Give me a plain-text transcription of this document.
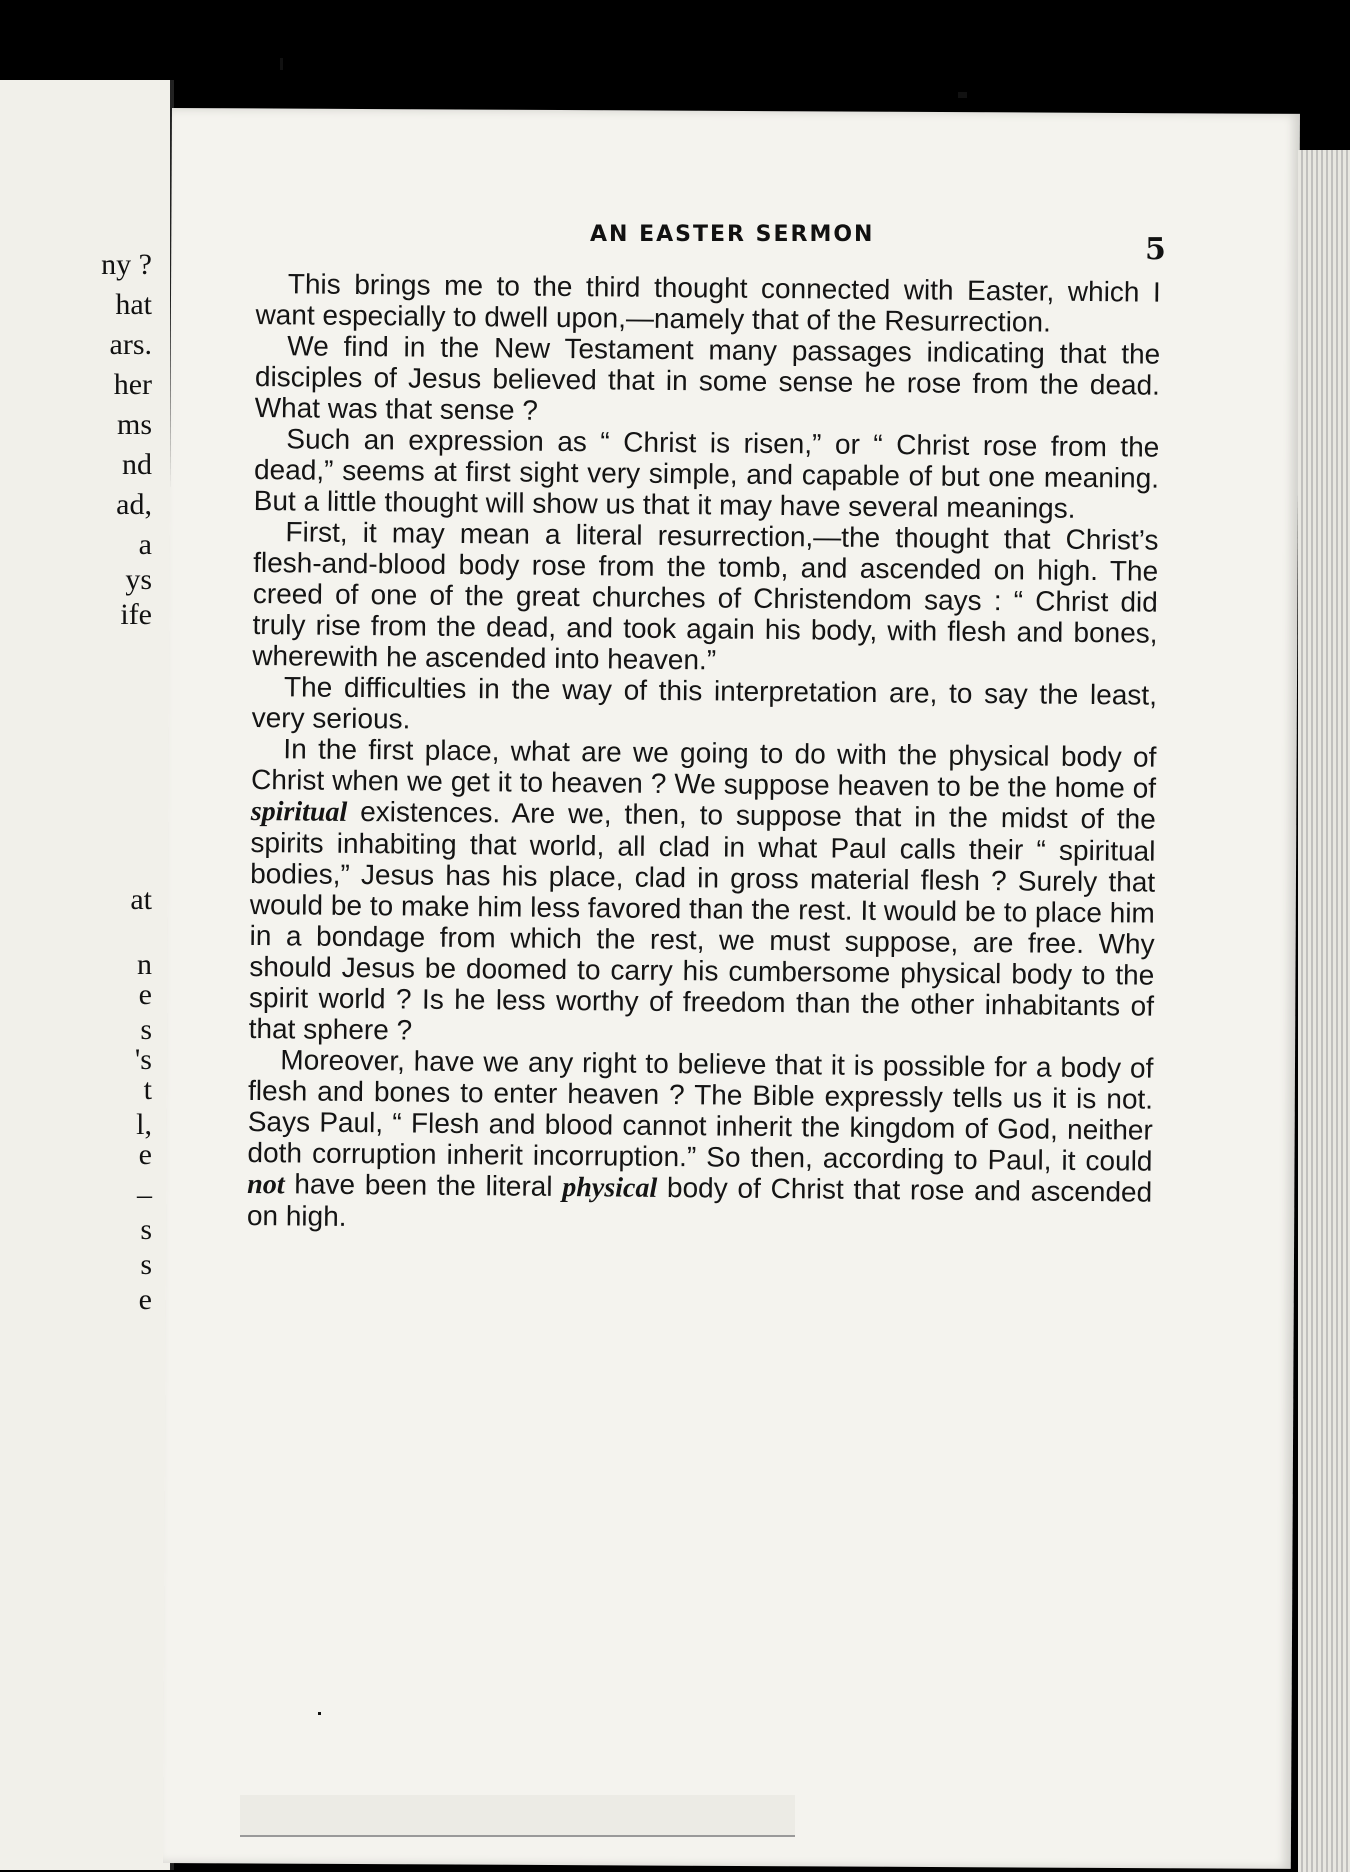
ny ?
hat
ars.
her
ms
nd
ad,
a
ys
ife
at
n
e
s
's
t
l,
e
–
s
s
e
AN EASTER SERMON	5

This brings me to the third thought connected with Easter, which I want especially to dwell upon,—namely that of the Resurrection.

We find in the New Testament many passages indicating that the disciples of Jesus believed that in some sense he rose from the dead. What was that sense ?

Such an expression as “ Christ is risen,” or “ Christ rose from the dead,” seems at first sight very simple, and capable of but one meaning. But a little thought will show us that it may have several meanings.

First, it may mean a literal resurrection,—the thought that Christ’s flesh-and-blood body rose from the tomb, and ascended on high. The creed of one of the great churches of Christendom says : “ Christ did truly rise from the dead, and took again his body, with flesh and bones, wherewith he ascended into heaven.”

The difficulties in the way of this interpretation are, to say the least, very serious.

In the first place, what are we going to do with the physical body of Christ when we get it to heaven ? We suppose heaven to be the home of spiritual existences. Are we, then, to suppose that in the midst of the spirits inhabiting that world, all clad in what Paul calls their “ spiritual bodies,” Jesus has his place, clad in gross material flesh ? Surely that would be to make him less favored than the rest. It would be to place him in a bondage from which the rest, we must suppose, are free. Why should Jesus be doomed to carry his cumbersome physical body to the spirit world ? Is he less worthy of freedom than the other inhabitants of that sphere ?

Moreover, have we any right to believe that it is possible for a body of flesh and bones to enter heaven ? The Bible expressly tells us it is not. Says Paul, “ Flesh and blood cannot inherit the kingdom of God, neither doth corruption inherit incorruption.” So then, according to Paul, it could not have been the literal physical body of Christ that rose and ascended on high.
